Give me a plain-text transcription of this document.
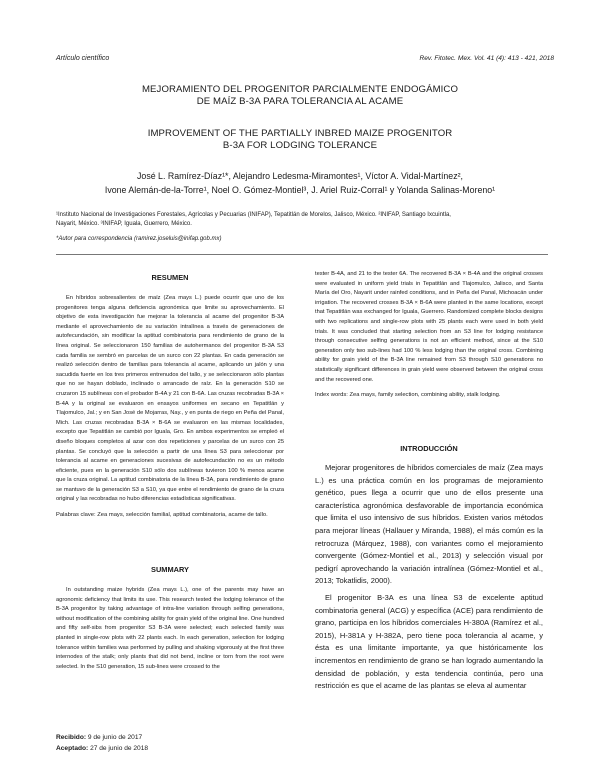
Artículo científico	Rev. Fitotec. Mex. Vol. 41 (4): 413 - 421, 2018
MEJORAMIENTO DEL PROGENITOR PARCIALMENTE ENDOGÁMICO
DE MAÍZ B-3A PARA TOLERANCIA AL ACAME
IMPROVEMENT OF THE PARTIALLY INBRED MAIZE PROGENITOR
B-3A FOR LODGING TOLERANCE
José L. Ramírez-Díaz¹*, Alejandro Ledesma-Miramontes¹, Víctor A. Vidal-Martínez²,
Ivone Alemán-de-la-Torre¹, Noel O. Gómez-Montiel³, J. Ariel Ruiz-Corral¹ y Yolanda Salinas-Moreno¹
¹Instituto Nacional de Investigaciones Forestales, Agrícolas y Pecuarias (INIFAP), Tepatitlán de Morelos, Jalisco, México. ²INIFAP, Santiago Ixcuintla,
Nayarit, México. ³INIFAP, Iguala, Guerrero, México.
*Autor para correspondencia (ramirez.joseluis@inifap.gob.mx)
RESUMEN

En híbridos sobresalientes de maíz (Zea mays L.) puede ocurrir que uno de los progenitores tenga alguna deficiencia agronómica que limite su aprovechamiento. El objetivo de esta investigación fue mejorar la tolerancia al acame del progenitor B-3A mediante el aprovechamiento de su variación intralínea a través de generaciones de autofecundación, sin modificar la aptitud combinatoria para rendimiento de grano de la línea original. Se seleccionaron 150 familias de autohermanos del progenitor B-3A S3 cada familia se sembró en parcelas de un surco con 22 plantas. En cada generación se realizó selección dentro de familias para tolerancia al acame, aplicando un jalón y una sacudida fuerte en los tres primeros entrenudos del tallo, y se seleccionaron sólo plantas que no se hayan doblado, inclinado o arrancado de raíz. En la generación S10 se cruzaron 15 sublíneas con el probador B-4A y 21 con B-6A. Las cruzas recobradas B-3A × B-4A y la original se evaluaron en ensayos uniformes en secano en Tepatitlán y Tlajomulco, Jal.; y en San José de Mojarras, Nay., y en punta de riego en Peña del Panal, Mich. Las cruzas recobradas B-3A × B-6A se evaluaron en las mismas localidades, excepto que Tepatitlán se cambió por Iguala, Gro. En ambos experimentos se empleó el diseño bloques completos al azar con dos repeticiones y parcelas de un surco con 25 plantas. Se concluyó que la selección a partir de una línea S3 para seleccionar por tolerancia al acame en generaciones sucesivas de autofecundación no es un método eficiente, pues en la generación S10 sólo dos sublíneas tuvieron 100 % menos acame que la cruza original. La aptitud combinatoria de la línea B-3A, para rendimiento de grano se mantuvo de la generación S3 a S10, ya que entre el rendimiento de grano de la cruza original y las recobradas no hubo diferencias estadísticas significativas.

Palabras clave: Zea mays, selección familial, aptitud combinatoria, acame de tallo.

SUMMARY

In outstanding maize hybrids (Zea mays L.), one of the parents may have an agronomic deficiency that limits its use. This research tested the lodging tolerance of the B-3A progenitor by taking advantage of intra-line variation through selfing generations, without modification of the combining ability for grain yield of the original line. One hundred and fifty self-sibs from progenitor S3 B-3A were selected; each selected family was planted in single-row plots with 22 plants each. In each generation, selection for lodging tolerance within families was performed by pulling and shaking vigorously at the first three internodes of the stalk; only plants that did not bend, incline or torn from the root were selected. In the S10 generation, 15 sub-lines were crossed to the

tester B-4A, and 21 to the tester 6A. The recovered B-3A × B-4A and the original crosses were evaluated in uniform yield trials in Tepatitlán and Tlajomulco, Jalisco, and Santa María del Oro, Nayarit under rainfed conditions, and in Peña del Panal, Michoacán under irrigation. The recovered crosses B-3A × B-6A were planted in the same locations, except that Tepatitlán was exchanged for Iguala, Guerrero. Randomized complete blocks designs with two replications and single-row plots with 25 plants each were used in both yield trials. It was concluded that starting selection from an S3 line for lodging resistance through consecutive selfing generations is not an efficient method, since at the S10 generation only two sub-lines had 100 % less lodging than the original cross. Combining ability for grain yield of the B-3A line remained from S3 through S10 generations no statistically significant differences in grain yield were observed between the original cross and the recovered one.

Index words: Zea mays, family selection, combining ability, stalk lodging.

INTRODUCCIÓN

Mejorar progenitores de híbridos comerciales de maíz (Zea mays L.) es una práctica común en los programas de mejoramiento genético, pues llega a ocurrir que uno de ellos presente una característica agronómica desfavorable de importancia económica que limita el uso intensivo de sus híbridos. Existen varios métodos para mejorar líneas (Hallauer y Miranda, 1988), el más común es la retrocruza (Márquez, 1988), con variantes como el mejoramiento convergente (Gómez-Montiel et al., 2013) y selección visual por pedigrí aprovechando la variación intralínea (Gómez-Montiel et al., 2013; Tokatlidis, 2000).

El progenitor B-3A es una línea S3 de excelente aptitud combinatoria general (ACG) y específica (ACE) para rendimiento de grano, participa en los híbridos comerciales H-380A (Ramírez et al., 2015), H-381A y H-382A, pero tiene poca tolerancia al acame, y ésta es una limitante importante, ya que históricamente los incrementos en rendimiento de grano se han logrado aumentando la densidad de población, y esta tendencia continúa, pero una restricción es que el acame de las plantas se eleva al aumentar

Recibido: 9 de junio de 2017
Aceptado: 27 de junio de 2018
